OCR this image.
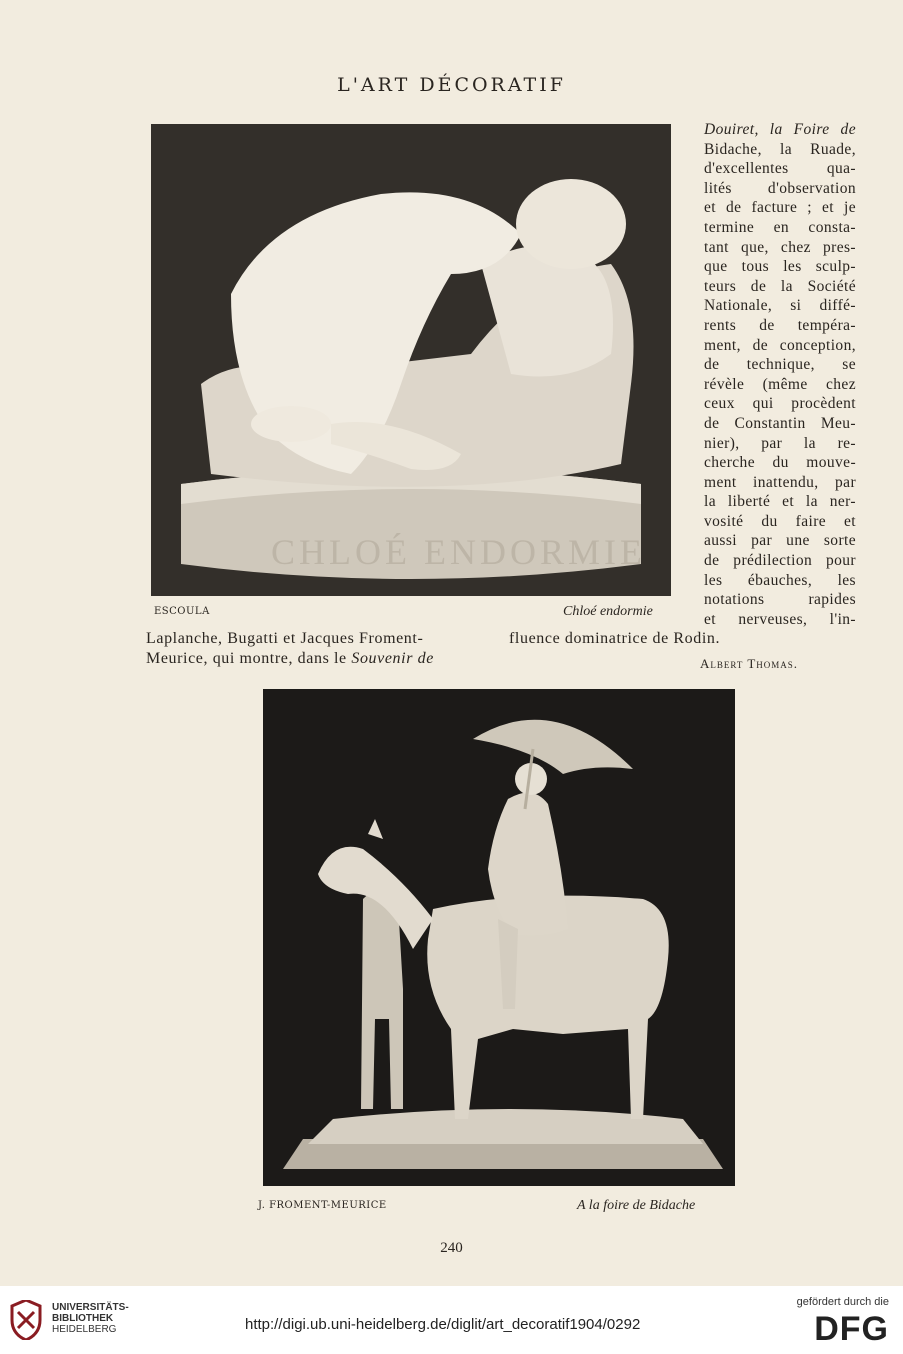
L'ART DÉCORATIF
CHLOÉ ENDORMIE
ESCOULA	Chloé endormie
Douiret, la Foire de
Bidache, la Ruade,
d'excellentes qua-
lités d'observation
et de facture ; et je
termine en consta-
tant que, chez pres-
que tous les sculp-
teurs de la Société
Nationale, si diffé-
rents de tempéra-
ment, de conception,
de technique, se
révèle (même chez
ceux qui procèdent
de Constantin Meu-
nier), par la re-
cherche du mouve-
ment inattendu, par
la liberté et la ner-
vosité du faire et
aussi par une sorte
de prédilection pour
les ébauches, les
notations rapides
et nerveuses, l'in-
Laplanche, Bugatti et Jacques Froment-
Meurice, qui montre, dans le Souvenir de
fluence dominatrice de Rodin.
Albert Thomas.
J. FROMENT-MEURICE	A la foire de Bidache
240
UNIVERSITÄTS-
BIBLIOTHEK
HEIDELBERG	http://digi.ub.uni-heidelberg.de/diglit/art_decoratif1904/0292
gefördert durch die
DFG
